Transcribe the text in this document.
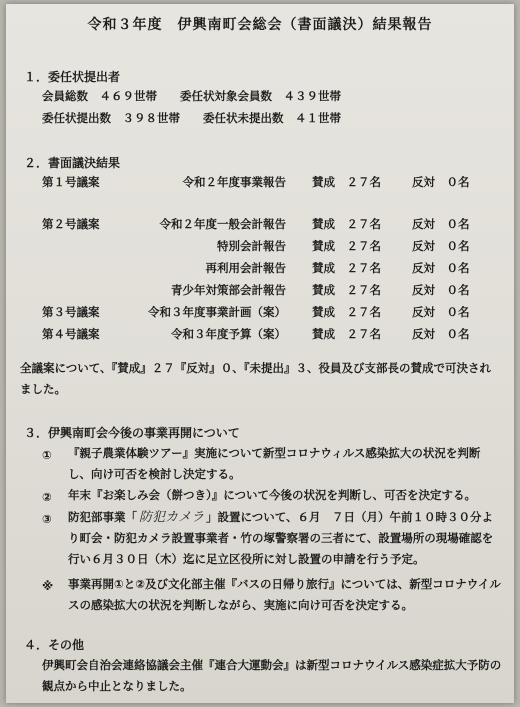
令和３年度　伊興南町会総会（書面議決）結果報告
１．委任状提出者
会員総数　４６９世帯　　委任状対象会員数　４３９世帯
委任状提出数　３９８世帯　　委任状未提出数　４１世帯
２．書面議決結果
第１号議案	令和２年度事業報告 賛成　２７名	反対　０名
第２号議案	令和２年度一般会計報告 賛成　２７名	反対　０名
特別会計報告 賛成　２７名	反対　０名
再利用会計報告 賛成　２７名	反対　０名
青少年対策部会計報告 賛成　２７名	反対　０名
第３号議案	令和３年度事業計画（案） 賛成　２７名	反対　０名
第４号議案	令和３年度予算（案） 賛成　２７名	反対　０名
全議案について、『賛成』２７『反対』０、『未提出』３、役員及び支部長の賛成で可決されました。
３．伊興南町会今後の事業再開について
① 『親子農業体験ツアー』実施について新型コロナウィルス感染拡大の状況を判断し、向け可否を検討し決定する。
② 年末『お楽しみ会（餅つき）』について今後の状況を判断し、可否を決定する。
③ 防犯部事業「 防犯カメラ 」設置について、６月　７日（月）午前１０時３０分より町会・防犯カメラ設置事業者・竹の塚警察署の三者にて、設置場所の現場確認を行い６月３０日（木）迄に足立区役所に対し設置の申請を行う予定。
※ 事業再開①と②及び文化部主催『バスの日帰り旅行』については、新型コロナウイルスの感染拡大の状況を判断しながら、実施に向け可否を決定する。
４．その他
伊興町会自治会連絡協議会主催『連合大運動会』は新型コロナウイルス感染症拡大予防の観点から中止となりました。
